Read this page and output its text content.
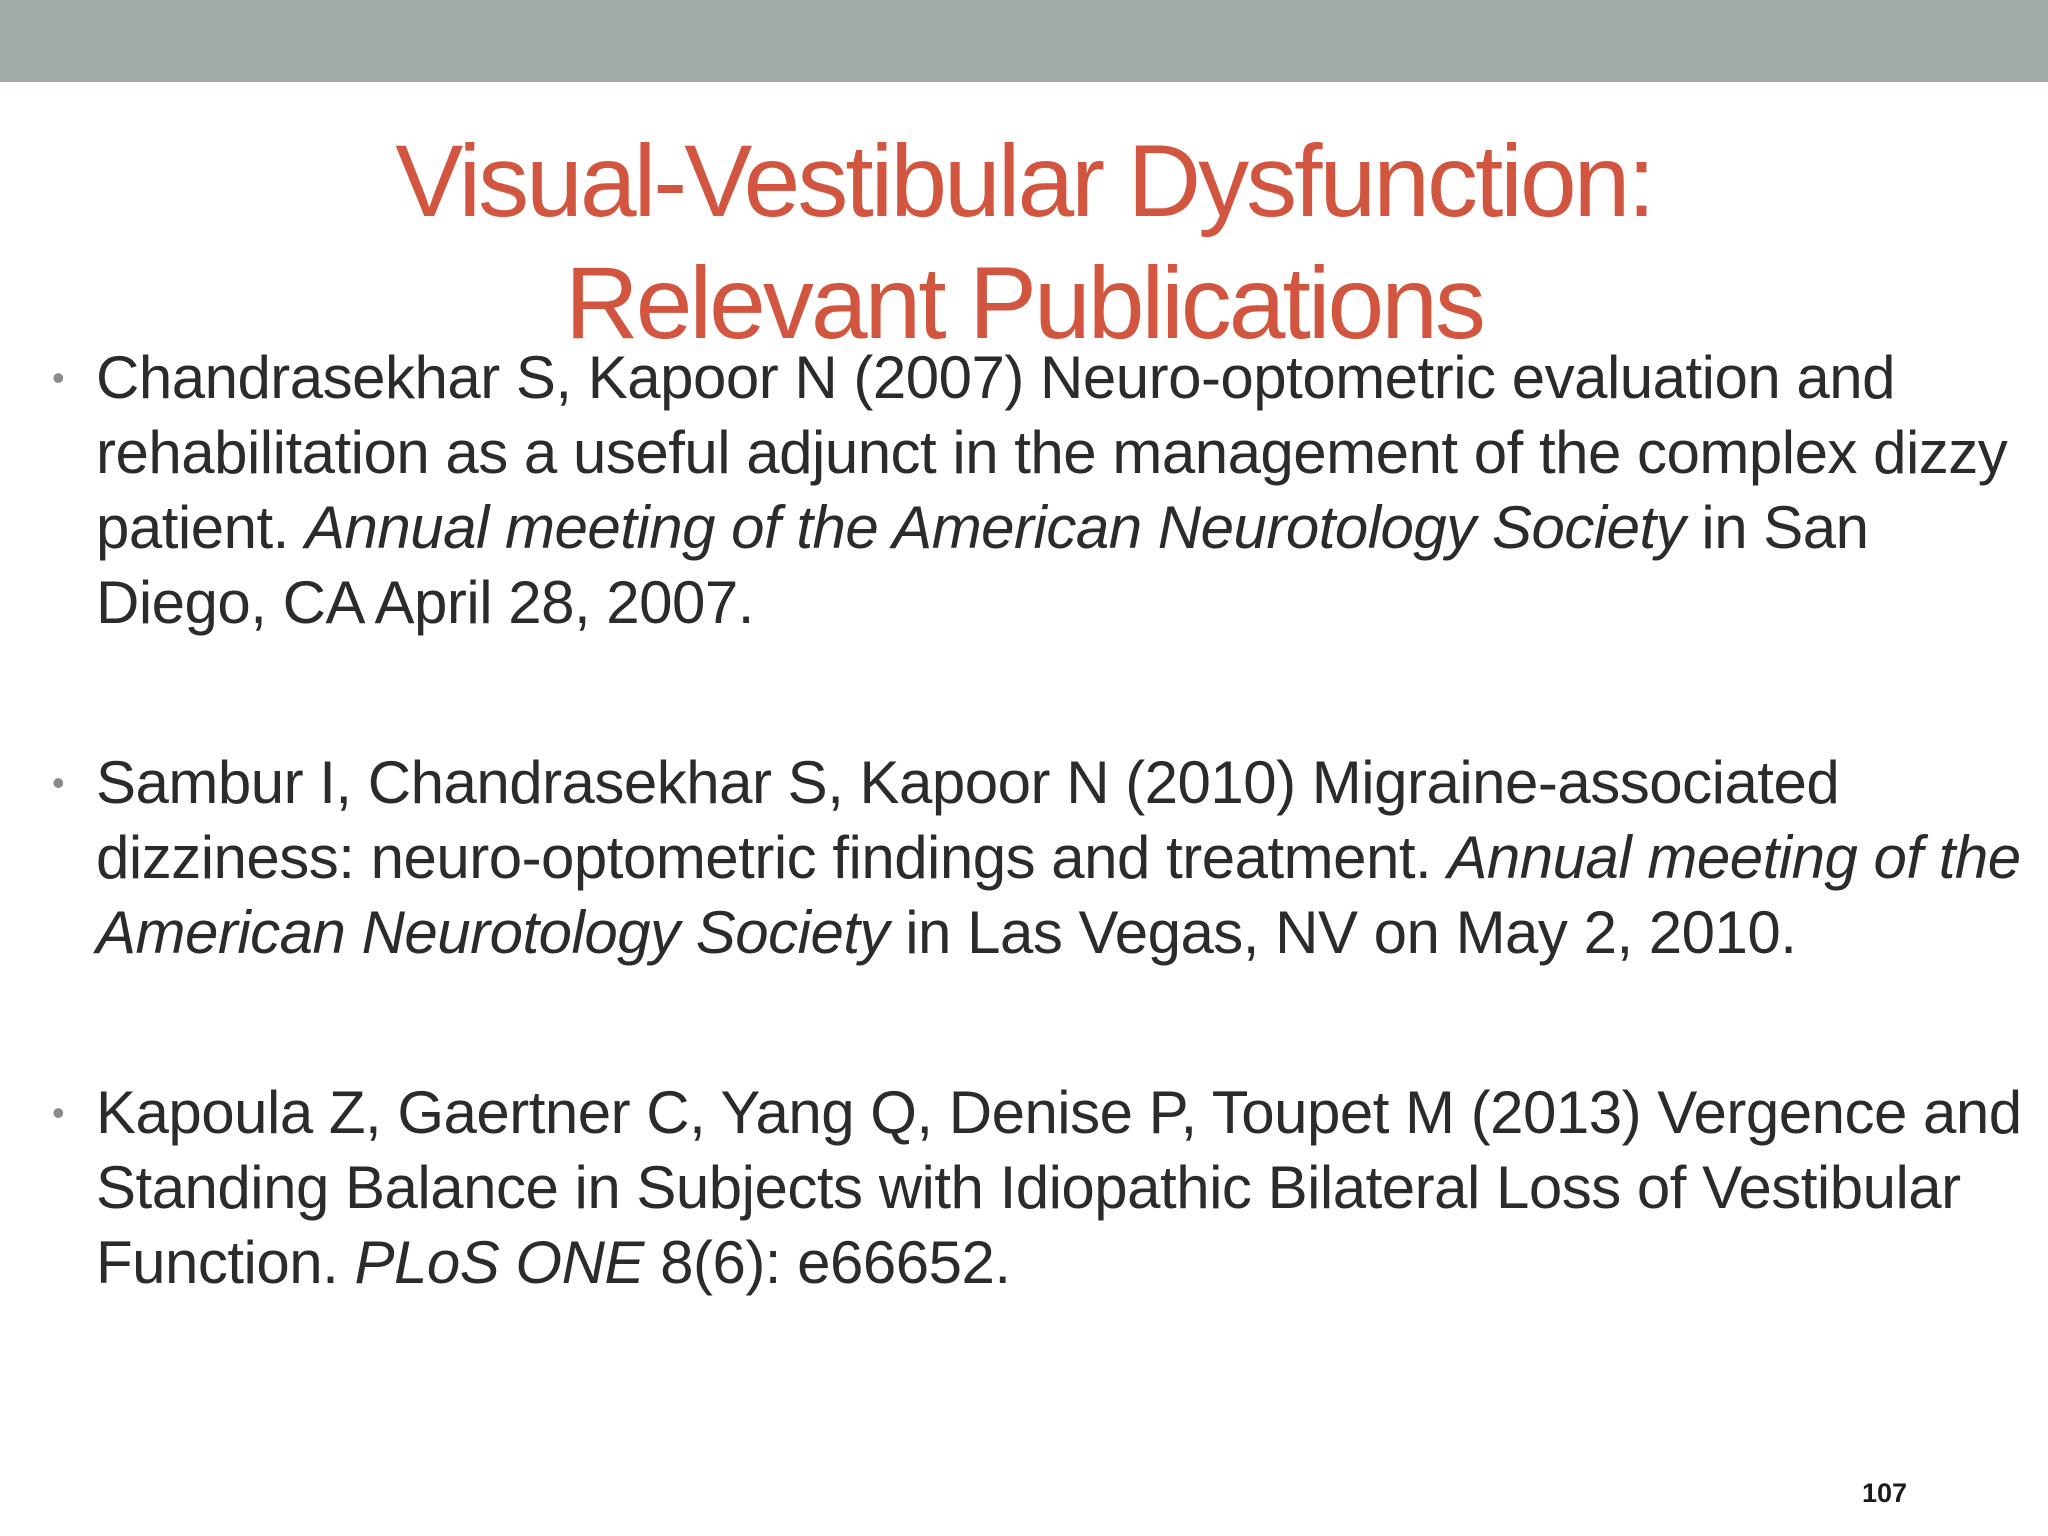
Visual-Vestibular Dysfunction:
Relevant Publications
• Chandrasekhar S, Kapoor N (2007) Neuro-optometric evaluation and rehabilitation as a useful adjunct in the management of the complex dizzy patient. Annual meeting of the American Neurotology Society in San Diego, CA April 28, 2007.
• Sambur I, Chandrasekhar S, Kapoor N (2010) Migraine-associated dizziness: neuro-optometric findings and treatment. Annual meeting of the American Neurotology Society in Las Vegas, NV on May 2, 2010.
• Kapoula Z, Gaertner C, Yang Q, Denise P, Toupet M (2013) Vergence and Standing Balance in Subjects with Idiopathic Bilateral Loss of Vestibular Function. PLoS ONE 8(6): e66652.
107
